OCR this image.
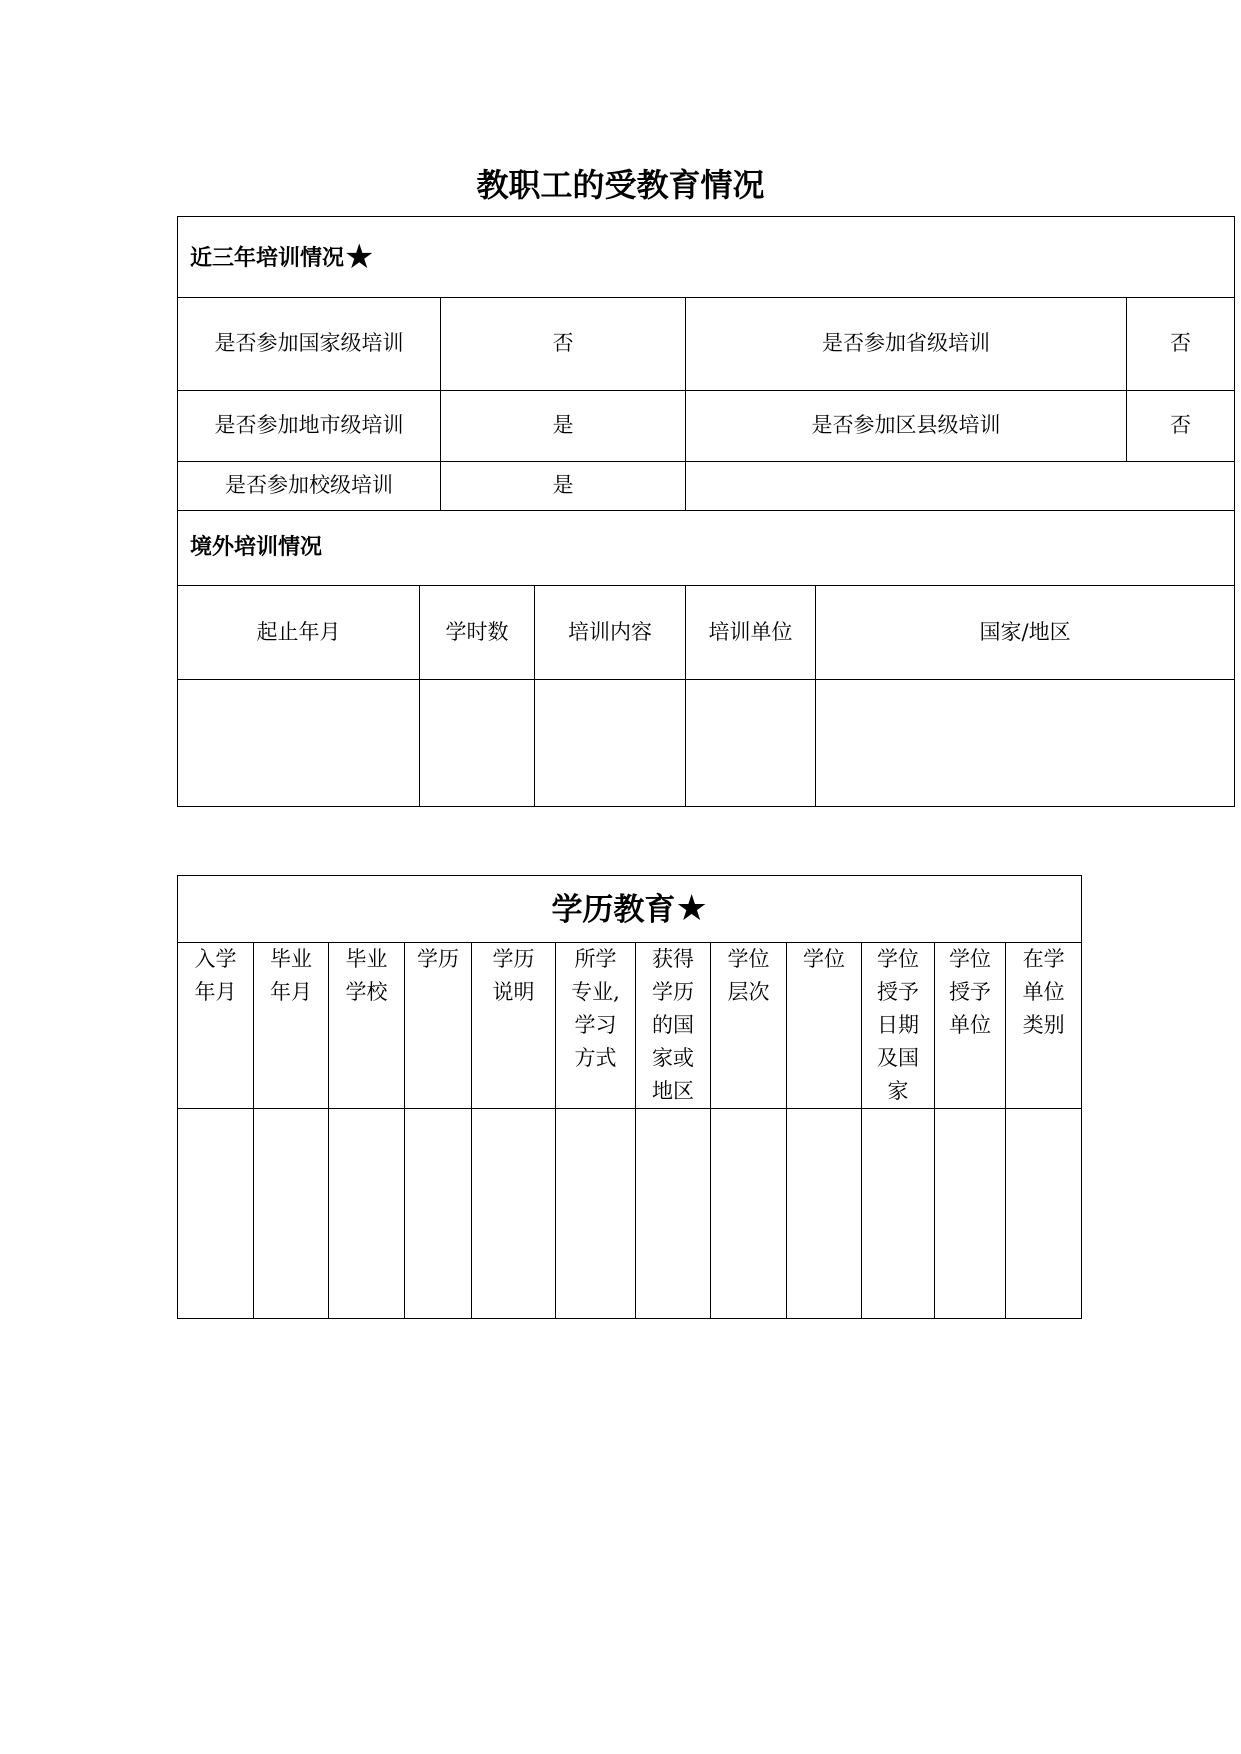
教职工的受教育情况
近三年培训情况★						
是否参加国家级培训		否		是否参加省级培训		否
是否参加地市级培训		是		是否参加区县级培训		否
是否参加校级培训		是				
境外培训情况						
起止年月	学时数		培训内容	培训单位	国家/地区	

学历教育★											

入学
年月	毕业
年月	毕业
学校	学历	学历
说明	所学
专业,
学习
方式	获得
学历
的国
家或
地区	学位
层次	学位	学位
授予
日期
及国
家	学位
授予
单位	在学
单位
类别
